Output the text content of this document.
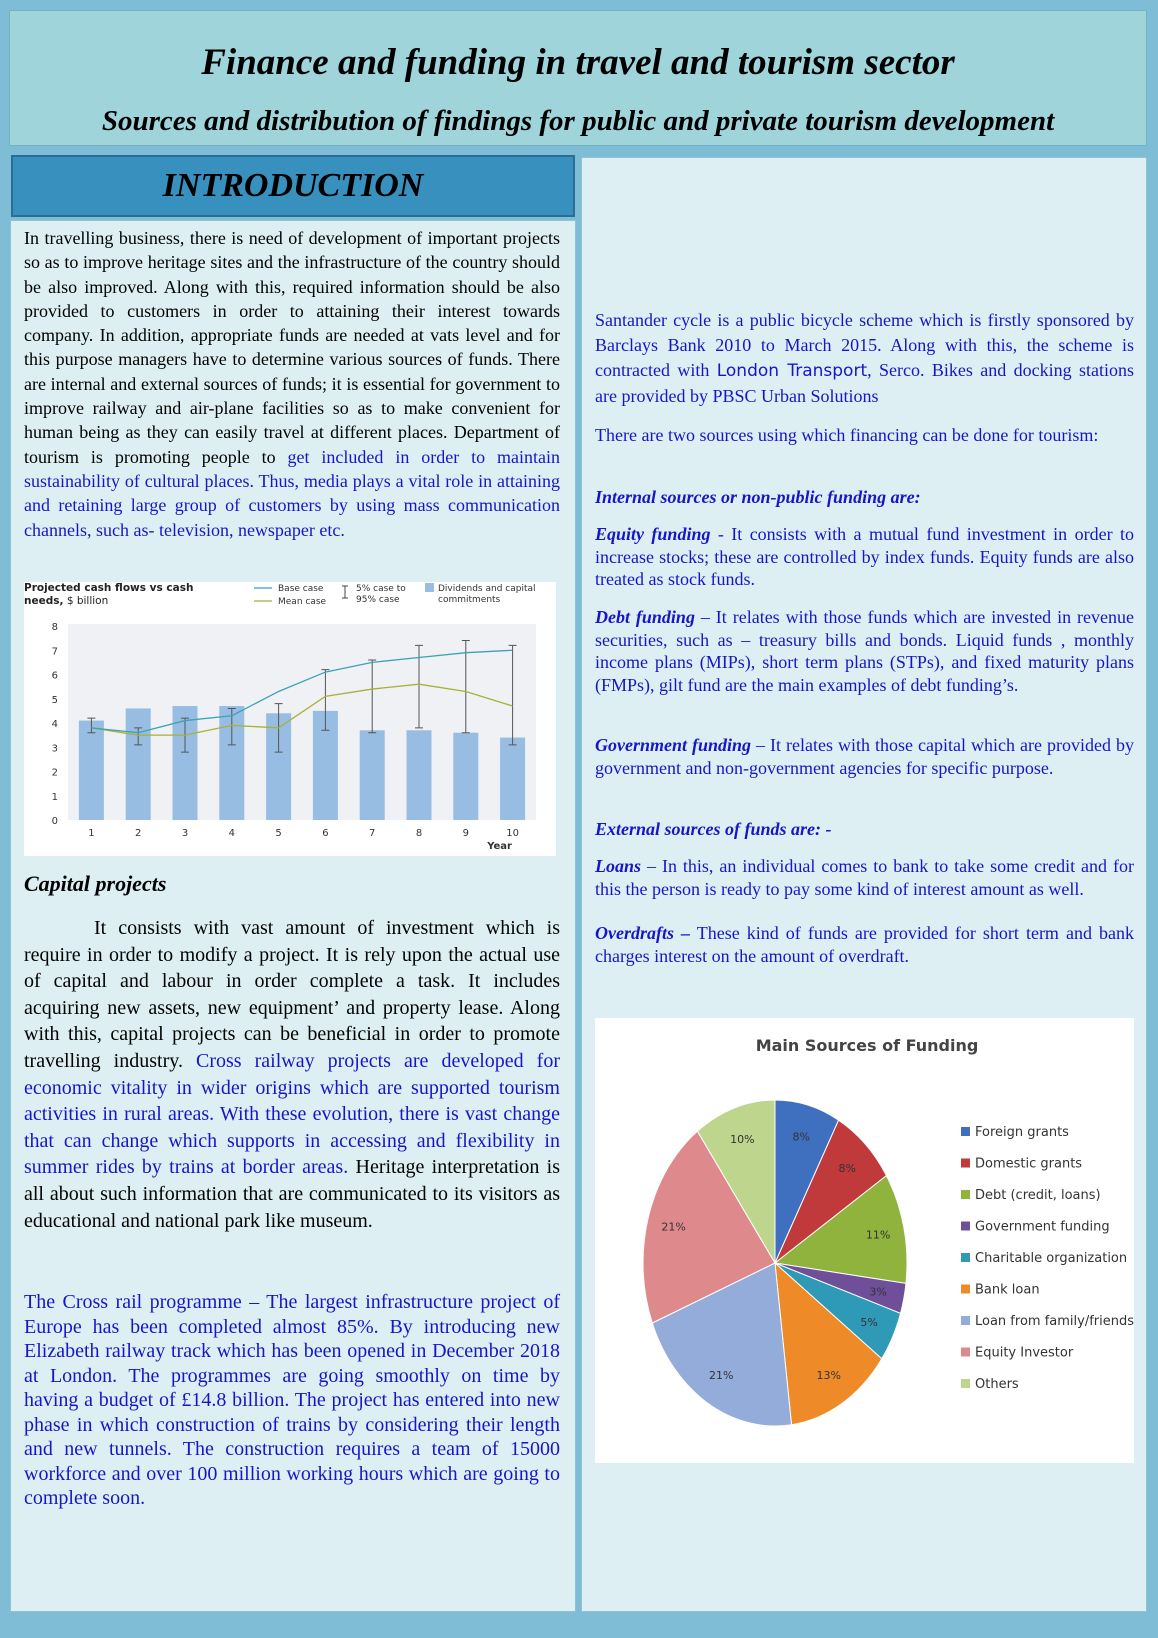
Finance and funding in travel and tourism sector
Sources and distribution of findings for public and private tourism development
INTRODUCTION

In travelling business, there is need of development of important projects so as to improve heritage sites and the infrastructure of the country should be also improved. Along with this, required information should be also provided to customers in order to attaining their interest towards company. In addition, appropriate funds are needed at vats level and for this purpose managers have to determine various sources of funds. There are internal and external sources of funds; it is essential for government to improve railway and air-plane facilities so as to make convenient for human being as they can easily travel at different places. Department of tourism is promoting people to get included in order to maintain sustainability of cultural places. Thus, media plays a vital role in attaining and retaining large group of customers by using mass communication channels, such as- television, newspaper etc.

Projected cash flows vs cash
needs, $ billion
Base case
Mean case
5% case to
95% case
Dividends and capital
commitments
0
1
2
3
4
5
6
7
8
1	2	3	4	5	6	7	8	9	10
Year
Capital projects

It consists with vast amount of investment which is require in order to modify a project. It is rely upon the actual use of capital and labour in order complete a task. It includes acquiring new assets, new equipment’ and property lease. Along with this, capital projects can be beneficial in order to promote travelling industry. Cross railway projects are developed for economic vitality in wider origins which are supported tourism activities in rural areas. With these evolution, there is vast change that can change which supports in accessing and flexibility in summer rides by trains at border areas. Heritage interpretation is all about such information that are communicated to its visitors as educational and national park like museum.

The Cross rail programme – The largest infrastructure project of Europe has been completed almost 85%. By introducing new Elizabeth railway track which has been opened in December 2018 at London. The programmes are going smoothly on time by having a budget of £14.8 billion. The project has entered into new phase in which construction of trains by considering their length and new tunnels. The construction requires a team of 15000 workforce and over 100 million working hours which are going to complete soon.

Santander cycle is a public bicycle scheme which is firstly sponsored by Barclays Bank 2010 to March 2015. Along with this, the scheme is contracted with London Transport, Serco. Bikes and docking stations are provided by PBSC Urban Solutions

There are two sources using which financing can be done for tourism:

Internal sources or non-public funding are:

Equity funding - It consists with a mutual fund investment in order to increase stocks; these are controlled by index funds. Equity funds are also treated as stock funds.

Debt funding – It relates with those funds which are invested in revenue securities, such as – treasury bills and bonds. Liquid funds , monthly income plans (MIPs), short term plans (STPs), and fixed maturity plans (FMPs), gilt fund are the main examples of debt funding’s.

Government funding – It relates with those capital which are provided by government and non-government agencies for specific purpose.

External sources of funds are: -

Loans – In this, an individual comes to bank to take some credit and for this the person is ready to pay some kind of interest amount as well.

Overdrafts – These kind of funds are provided for short term and bank charges interest on the amount of overdraft.

Main Sources of Funding
8%
8%
11%
3%
5%
13%
21%
21%
10%	Foreign grants
Domestic grants
Debt (credit, loans)
Government funding
Charitable organization
Bank loan
Loan from family/friends
Equity Investor
Others
